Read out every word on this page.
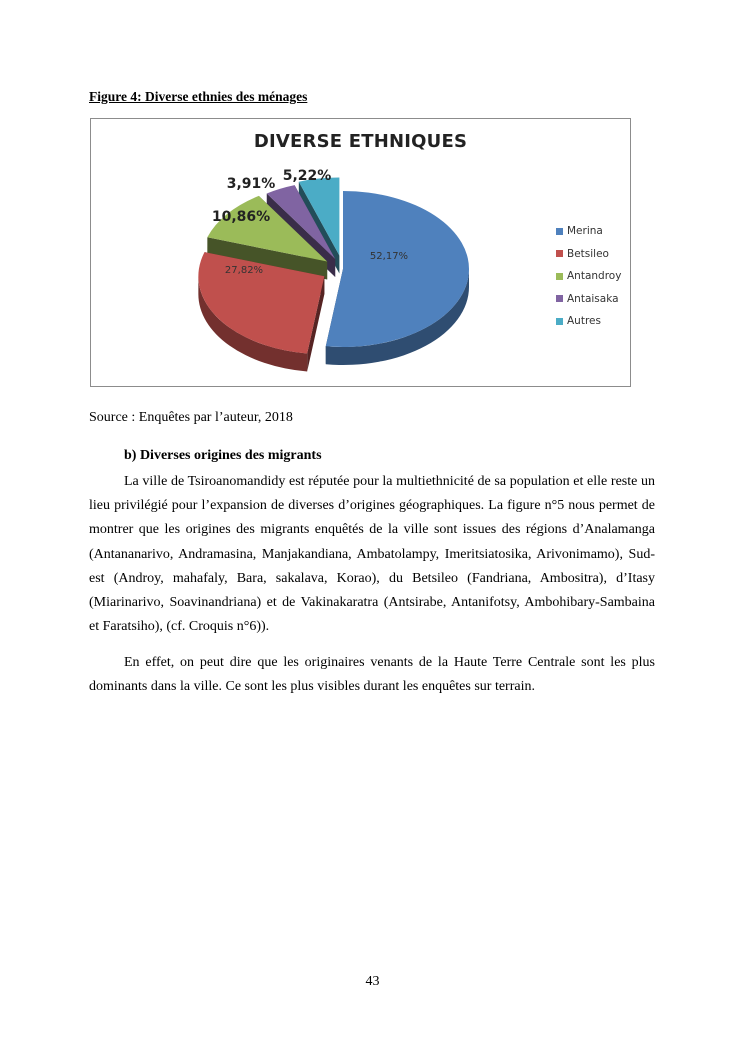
Figure 4: Diverse ethnies des ménages
DIVERSE ETHNIQUES
52,17%
27,82%
10,86%
3,91% 5,22%
Merina
Betsileo
Antandroy
Antaisaka
Autres
Source : Enquêtes par l’auteur, 2018
b) Diverses origines des migrants
La ville de Tsiroanomandidy est réputée pour la multiethnicité de sa population et elle reste un lieu privilégié pour l’expansion de diverses d’origines géographiques. La figure n°5 nous permet de montrer que les origines des migrants enquêtés de la ville sont issues des régions d’Analamanga (Antananarivo, Andramasina, Manjakandiana, Ambatolampy, Imeritsiatosika, Arivonimamo), Sud-est (Androy, mahafaly, Bara, sakalava, Korao), du Betsileo (Fandriana, Ambositra), d’Itasy (Miarinarivo, Soavinandriana) et de Vakinakaratra (Antsirabe, Antanifotsy, Ambohibary-Sambaina et Faratsiho), (cf. Croquis n°6)).
En effet, on peut dire que les originaires venants de la Haute Terre Centrale sont les plus dominants dans la ville. Ce sont les plus visibles durant les enquêtes sur terrain.
43
